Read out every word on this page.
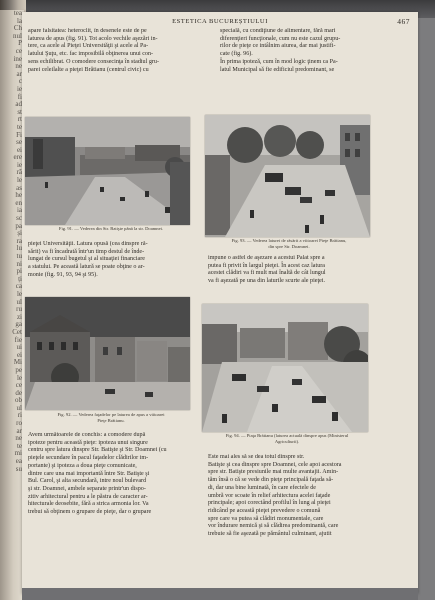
tea
la
Ch
nul
P
ce
ine
ne
ar
c
ie
fi
ad
st
rt
te
Fi
se
ei
ere
ie
ră
le
as
he
en
ia
sc
pa
și
ra
lu
tu
ni
pi
ți
ca
le
ul
ru
zi
ga
Cet
fie
ui
ei
Mi
pe
le
ce
de
ob
ul
ri
ro
ar
ne
te
mi
ea
su
ESTETICA BUCUREȘTIULUI	467

apare falsitatea: heteroclit, în desenele este de pe

laturea de apus (fig. 91). Tot acolo vechile aşezări in-

tere, ca acele al Pieţei Universităţii şi acele al Pa-

latului Şuţu, etc. fac imposibilă obţinerea unui con-

sens echilibrat. O comodere consecinţa în stadiul gru-

parei celeilalte a pieţei Brătianu (centrul civic) cu

specială, cu condiţiune de alimentare, fără mari

diferenţieri funcţionale, cum nu este cazul grupu-

rilor de pieţe ce intâlnim aiurea, dar mai justifi-

cate (fig. 96).

În prima ipoteză, cum în mod logic ţinem ca Pa-

latul Municipal să fie edificiul predominant, se

Fig. 91. — Vederea din Str. Batişte până la str. Doamnei.
Fig. 93. — Vederea laturei de răsărit a viitoarei Pieţe Brătianu,
din spre Str. Doamnei.

pieţei Universităţii. Latura opusă (cea dinspre ră-

sărit) va fi încadrată într'un timp destul de înde-

lungat de cursul bugetul şi al situaţiei financiare

a statului. Pe această latură se poate obţine o ar-

monie (fig. 91, 93, 94 şi 95).

impune o astfel de aşezare a acestui Palat spre a

putea fi privit în largul pieţei. În acest caz latura

acestei clădiri va fi mult mai înaltă de cât lungul

va fi aşezată pe una din laturile scurte ale pieţei.

Fig. 92. — Vederea faţadelor pe laturea de apus a viitoarei
Pieţe Brătianu.
Fig. 94. — Piaţa Brătianu (laturea actuală dinspre apus (Ministerul
Agriculturii).

Avem următoarele de conchis: a comodere după

ipoteze pentru această pieţe: ipoteza unui singure

centru spre latura dinspre Str. Batişte şi Str. Doamnei (cu

pieţele secundare în pacul faţadelor clădirilor im-

portante) şi ipoteza a doua pieţe comunicate,

dintre care una mai importantă între Str. Batişte şi

Bul. Carol, şi alta secundară, intre noul bulevard

şi str. Doamnei, ambele separate printr'un dispo-

zitiv arhitectural pentru a le păstra de caracter ar-

hitecturale deosebite, fără a strica armonia lor. Va

trebui să obţinem o grupare de pieţe, dar o grupare

Este mai ales să se dea totul dinspre str.

Batişte şi cea dinspre spre Doamnei, cele apoi acestora

spre str. Batişte presiunile mai multe avantajii. Amin-

tăm însă o că se vede din pieţe principală faţada să-

di, dar una bine luminată, în care efectele de

umbră vor scoate în relief arhitectura acelei faţade

principale; apoi corectând profilul în lung al pieţei

ridicând pe această pieţei prevedere o comună

spre care va putea să clădiri monumentale, care

vor îndurare nemică şi să clădirea predominantă, care

trebuie să fie aşezată pe pământul culminant, ajutit
